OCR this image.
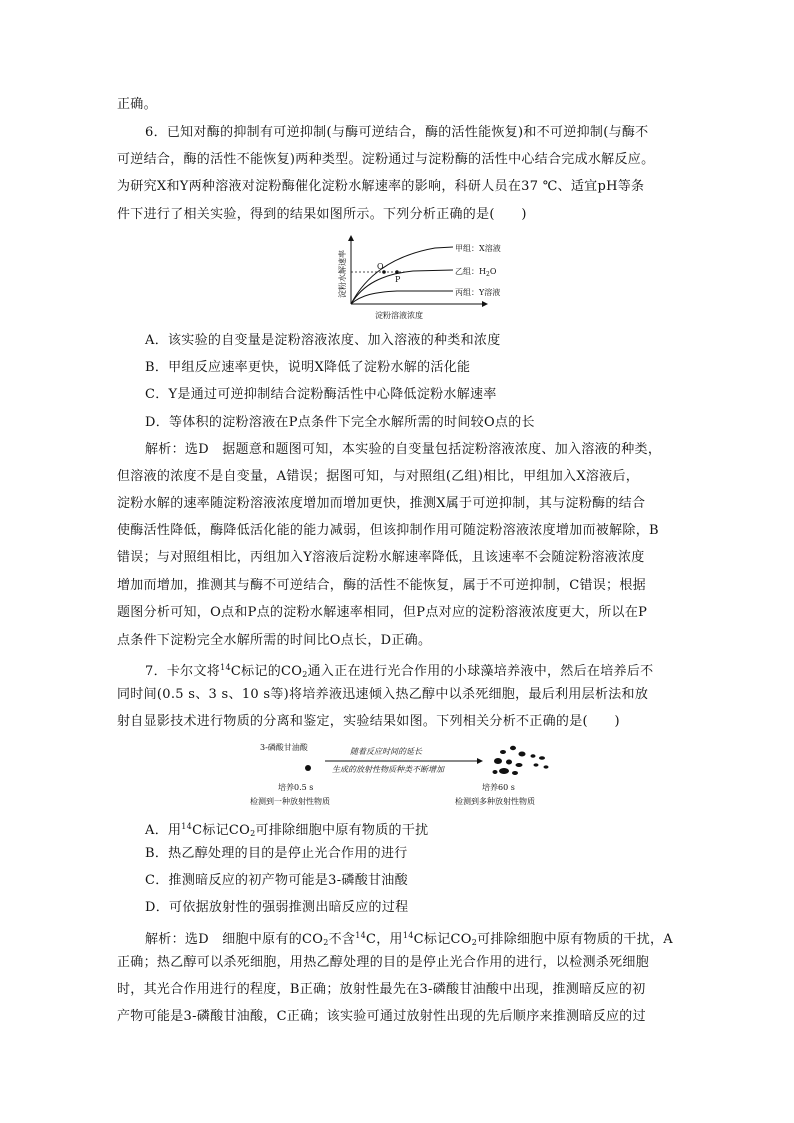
正确。
6．已知对酶的抑制有可逆抑制(与酶可逆结合，酶的活性能恢复)和不可逆抑制(与酶不
可逆结合，酶的活性不能恢复)两种类型。淀粉通过与淀粉酶的活性中心结合完成水解反应。
为研究X和Y两种溶液对淀粉酶催化淀粉水解速率的影响，科研人员在37 ℃、适宜pH等条
件下进行了相关实验，得到的结果如图所示。下列分析正确的是(　　)
淀粉水解速率	O
P
甲组：X溶液
乙组：$H_2O$
丙组：Y溶液
淀粉溶液浓度
A．该实验的自变量是淀粉溶液浓度、加入溶液的种类和浓度
B．甲组反应速率更快，说明X降低了淀粉水解的活化能
C．Y是通过可逆抑制结合淀粉酶活性中心降低淀粉水解速率
D．等体积的淀粉溶液在P点条件下完全水解所需的时间较O点的长
解析：选D　据题意和题图可知，本实验的自变量包括淀粉溶液浓度、加入溶液的种类，
但溶液的浓度不是自变量，A错误；据图可知，与对照组(乙组)相比，甲组加入X溶液后，
淀粉水解的速率随淀粉溶液浓度增加而增加更快，推测X属于可逆抑制，其与淀粉酶的结合
使酶活性降低，酶降低活化能的能力减弱，但该抑制作用可随淀粉溶液浓度增加而被解除，B
错误；与对照组相比，丙组加入Y溶液后淀粉水解速率降低，且该速率不会随淀粉溶液浓度
增加而增加，推测其与酶不可逆结合，酶的活性不能恢复，属于不可逆抑制，C错误；根据
题图分析可知，O点和P点的淀粉水解速率相同，但P点对应的淀粉溶液浓度更大，所以在P
点条件下淀粉完全水解所需的时间比O点长，D正确。
7．卡尔文将$^{14}$C标记的$CO_2$通入正在进行光合作用的小球藻培养液中，然后在培养后不
同时间(0.5 s、3 s、10 s等)将培养液迅速倾入热乙醇中以杀死细胞，最后利用层析法和放
射自显影技术进行物质的分离和鉴定，实验结果如图。下列相关分析不正确的是(　　)
3-磷酸甘油酸	随着反应时间的延长
生成的放射性物质种类不断增加
培养0.5 s
检测到一种放射性物质
培养60 s
检测到多种放射性物质
A．用$^{14}$C标记$CO_2$可排除细胞中原有物质的干扰
B．热乙醇处理的目的是停止光合作用的进行
C．推测暗反应的初产物可能是3-磷酸甘油酸
D．可依据放射性的强弱推测出暗反应的过程
解析：选D　细胞中原有的$CO_2$不含$^{14}$C，用$^{14}$C标记$CO_2$可排除细胞中原有物质的干扰，A
正确；热乙醇可以杀死细胞，用热乙醇处理的目的是停止光合作用的进行，以检测杀死细胞
时，其光合作用进行的程度，B正确；放射性最先在3-磷酸甘油酸中出现，推测暗反应的初
产物可能是3-磷酸甘油酸，C正确；该实验可通过放射性出现的先后顺序来推测暗反应的过
